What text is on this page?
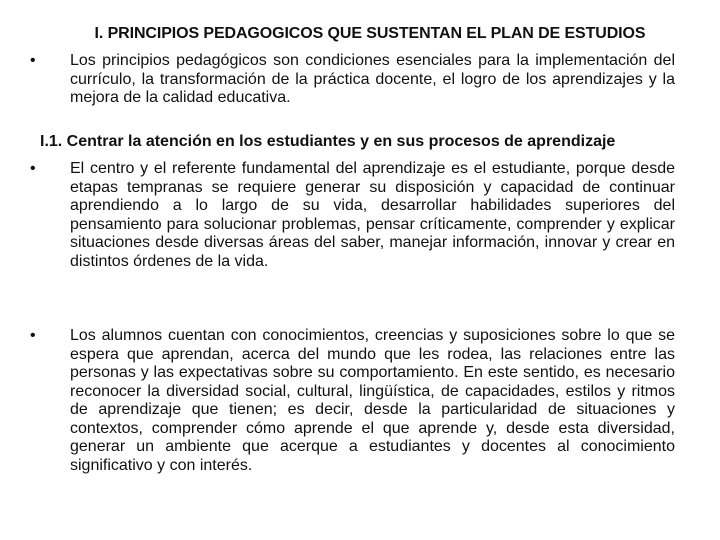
I. PRINCIPIOS PEDAGOGICOS QUE SUSTENTAN EL PLAN DE ESTUDIOS
•	Los principios pedagógicos son condiciones esenciales para la implementación del currículo, la transformación de la práctica docente, el logro de los aprendizajes y la mejora de la calidad educativa.
I.1. Centrar la atención en los estudiantes y en sus procesos de aprendizaje
•	El centro y el referente fundamental del aprendizaje es el estudiante, porque desde etapas tempranas se requiere generar su disposición y capacidad de continuar aprendiendo a lo largo de su vida, desarrollar habilidades superiores del pensamiento para solucionar problemas, pensar críticamente, comprender y explicar situaciones desde diversas áreas del saber, manejar información, innovar y crear en distintos órdenes de la vida.
•	Los alumnos cuentan con conocimientos, creencias y suposiciones sobre lo que se espera que aprendan, acerca del mundo que les rodea, las relaciones entre las personas y las expectativas sobre su comportamiento. En este sentido, es necesario reconocer la diversidad social, cultural, lingüística, de capacidades, estilos y ritmos de aprendizaje que tienen; es decir, desde la particularidad de situaciones y contextos, comprender cómo aprende el que aprende y, desde esta diversidad, generar un ambiente que acerque a estudiantes y docentes al conocimiento significativo y con interés.
